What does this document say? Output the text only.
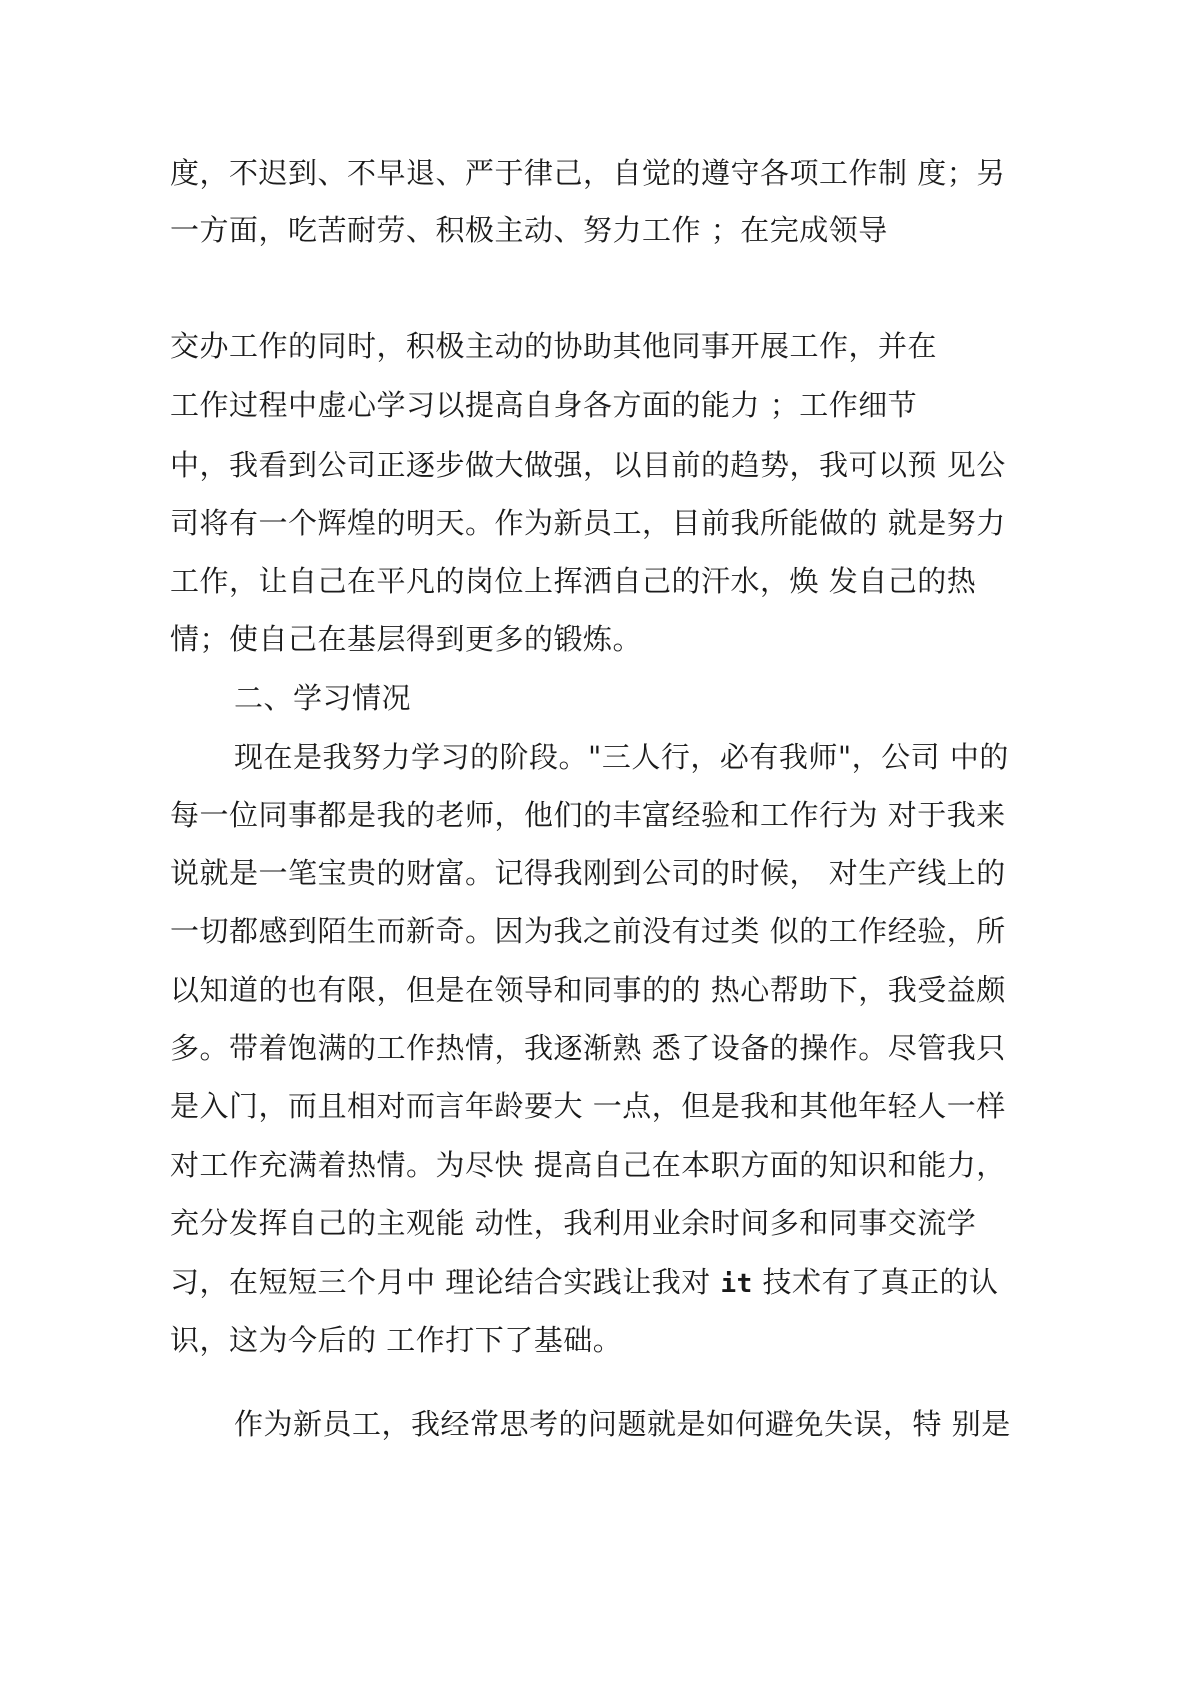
度，不迟到、不早退、严于律己，自觉的遵守各项工作制 度；另
一方面，吃苦耐劳、积极主动、努力工作 ；在完成领导
交办工作的同时，积极主动的协助其他同事开展工作，并在
工作过程中虚心学习以提高自身各方面的能力 ；工作细节
中，我看到公司正逐步做大做强，以目前的趋势，我可以预 见公
司将有一个辉煌的明天。作为新员工，目前我所能做的 就是努力
工作，让自己在平凡的岗位上挥洒自己的汗水，焕 发自己的热
情；使自己在基层得到更多的锻炼。
二、学习情况
现在是我努力学习的阶段。"三人行，必有我师"，公司 中的
每一位同事都是我的老师，他们的丰富经验和工作行为 对于我来
说就是一笔宝贵的财富。记得我刚到公司的时候， 对生产线上的
一切都感到陌生而新奇。因为我之前没有过类 似的工作经验，所
以知道的也有限，但是在领导和同事的的 热心帮助下，我受益颇
多。带着饱满的工作热情，我逐渐熟 悉了设备的操作。尽管我只
是入门，而且相对而言年龄要大 一点，但是我和其他年轻人一样
对工作充满着热情。为尽快 提高自己在本职方面的知识和能力，
充分发挥自己的主观能 动性，我利用业余时间多和同事交流学
习，在短短三个月中 理论结合实践让我对 it 技术有了真正的认
识，这为今后的 工作打下了基础。
作为新员工，我经常思考的问题就是如何避免失误，特 别是
